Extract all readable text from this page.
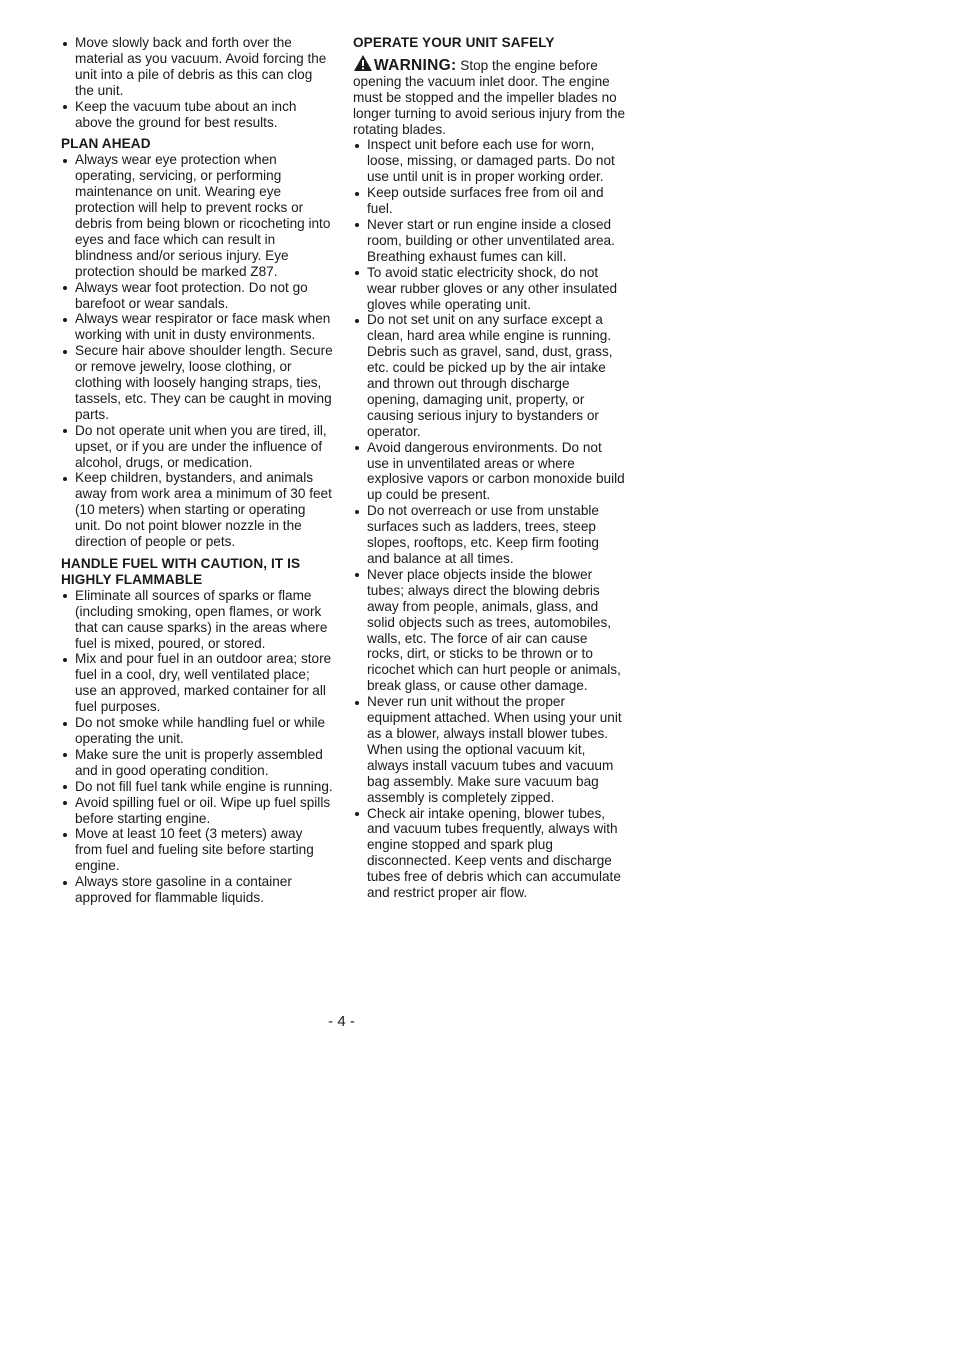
Move slowly back and forth over the material as you vacuum. Avoid forcing the unit into a pile of debris as this can clog the unit.
Keep the vacuum tube about an inch above the ground for best results.
PLAN AHEAD
Always wear eye protection when operating, servicing, or performing maintenance on unit. Wearing eye protection will help to prevent rocks or debris from being blown or ricocheting into eyes and face which can result in blindness and/or serious injury. Eye protection should be marked Z87.
Always wear foot protection. Do not go barefoot or wear sandals.
Always wear respirator or face mask when working with unit in dusty environments.
Secure hair above shoulder length. Secure or remove jewelry, loose clothing, or clothing with loosely hanging straps, ties, tassels, etc. They can be caught in moving parts.
Do not operate unit when you are tired, ill, upset, or if you are under the influence of alcohol, drugs, or medication.
Keep children, bystanders, and animals away from work area a minimum of 30 feet (10 meters) when starting or operating unit. Do not point blower nozzle in the direction of people or pets.
HANDLE FUEL WITH CAUTION, IT IS HIGHLY FLAMMABLE
Eliminate all sources of sparks or flame (including smoking, open flames, or work that can cause sparks) in the areas where fuel is mixed, poured, or stored.
Mix and pour fuel in an outdoor area; store fuel in a cool, dry, well ventilated place; use an approved, marked container for all fuel purposes.
Do not smoke while handling fuel or while operating the unit.
Make sure the unit is properly assembled and in good operating condition.
Do not fill fuel tank while engine is running.
Avoid spilling fuel or oil. Wipe up fuel spills before starting engine.
Move at least 10 feet (3 meters) away from fuel and fueling site before starting engine.
Always store gasoline in a container approved for flammable liquids.
OPERATE YOUR UNIT SAFELY

WARNING: Stop the engine before opening the vacuum inlet door. The engine must be stopped and the impeller blades no longer turning to avoid serious injury from the rotating blades.

Inspect unit before each use for worn, loose, missing, or damaged parts. Do not use until unit is in proper working order.
Keep outside surfaces free from oil and fuel.
Never start or run engine inside a closed room, building or other unventilated area. Breathing exhaust fumes can kill.
To avoid static electricity shock, do not wear rubber gloves or any other insulated gloves while operating unit.
Do not set unit on any surface except a clean, hard area while engine is running. Debris such as gravel, sand, dust, grass, etc. could be picked up by the air intake and thrown out through discharge opening, damaging unit, property, or causing serious injury to bystanders or operator.
Avoid dangerous environments. Do not use in unventilated areas or where explosive vapors or carbon monoxide build up could be present.
Do not overreach or use from unstable surfaces such as ladders, trees, steep slopes, rooftops, etc. Keep firm footing and balance at all times.
Never place objects inside the blower tubes; always direct the blowing debris away from people, animals, glass, and solid objects such as trees, automobiles, walls, etc. The force of air can cause rocks, dirt, or sticks to be thrown or to ricochet which can hurt people or animals, break glass, or cause other damage.
Never run unit without the proper equipment attached. When using your unit as a blower, always install blower tubes. When using the optional vacuum kit, always install vacuum tubes and vacuum bag assembly. Make sure vacuum bag assembly is completely zipped.
Check air intake opening, blower tubes, and vacuum tubes frequently, always with engine stopped and spark plug disconnected. Keep vents and discharge tubes free of debris which can accumulate and restrict proper air flow.
- 4 -
